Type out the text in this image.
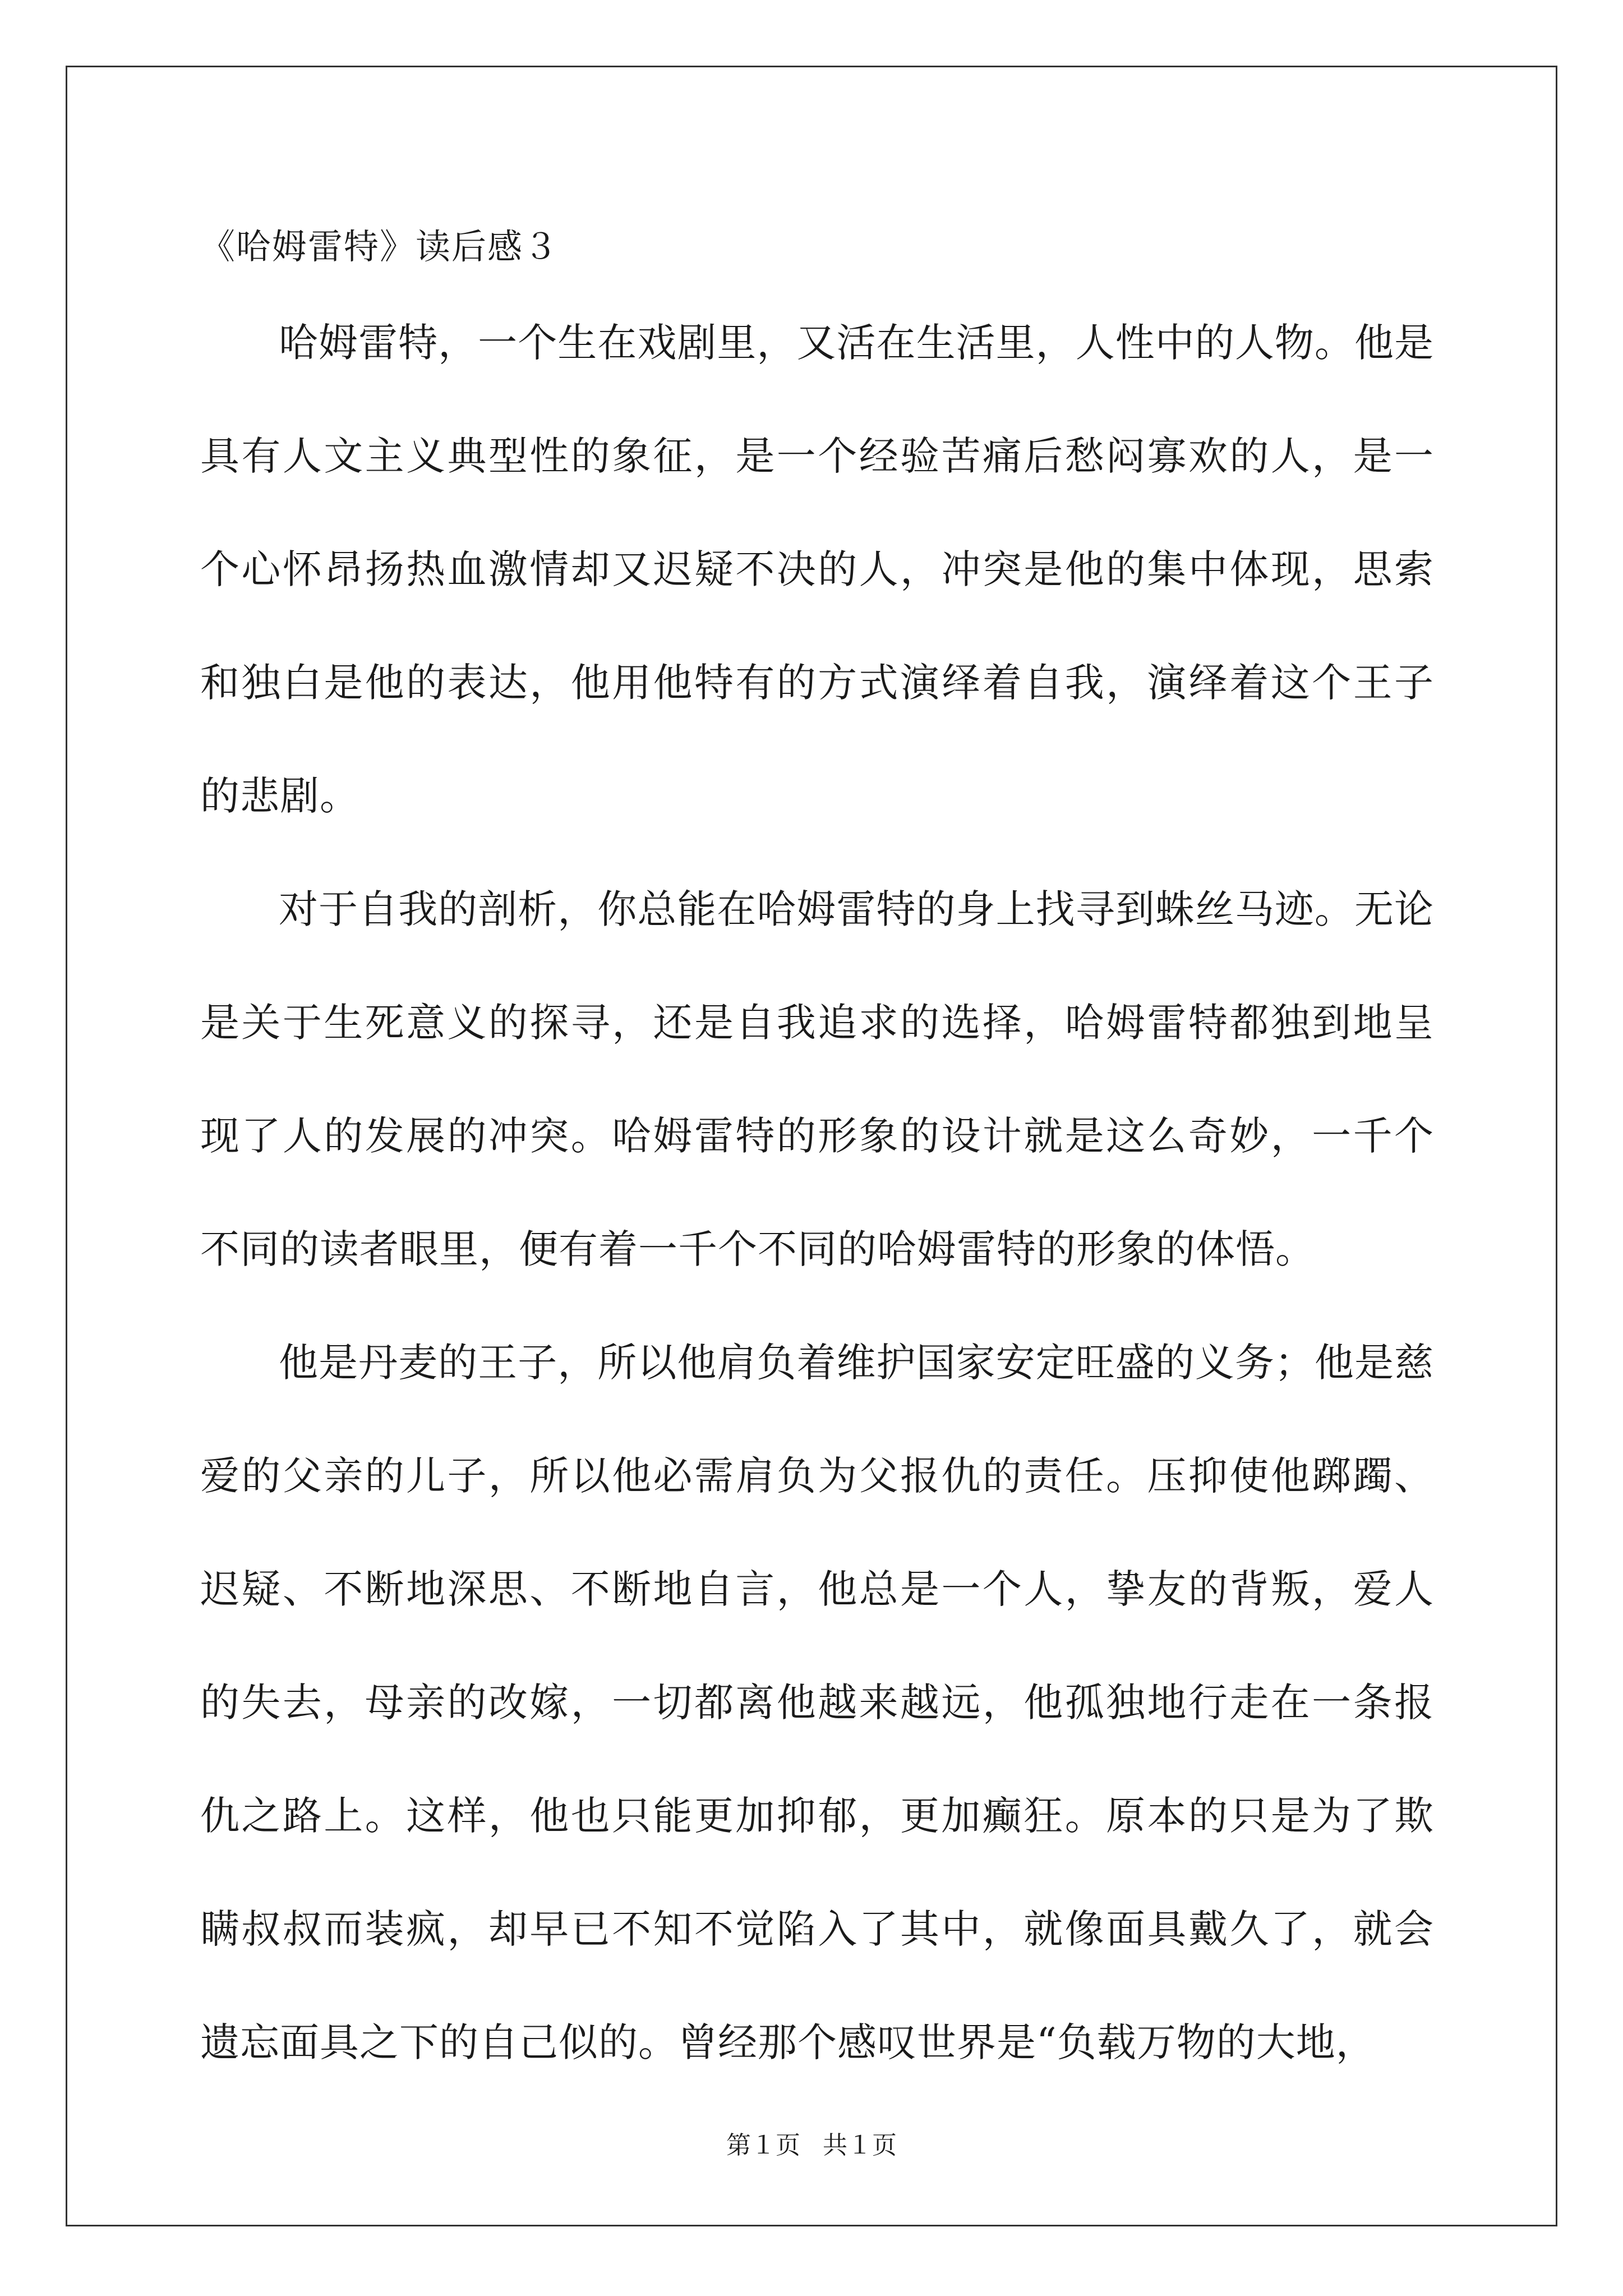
《哈姆雷特》读后感３

哈姆雷特，一个生在戏剧里，又活在生活里，人性中的人物。他是具有人文主义典型性的象征，是一个经验苦痛后愁闷寡欢的人，是一个心怀昂扬热血激情却又迟疑不决的人，冲突是他的集中体现，思索和独白是他的表达，他用他特有的方式演绎着自我，演绎着这个王子的悲剧。

对于自我的剖析，你总能在哈姆雷特的身上找寻到蛛丝马迹。无论是关于生死意义的探寻，还是自我追求的选择，哈姆雷特都独到地呈现了人的发展的冲突。哈姆雷特的形象的设计就是这么奇妙，一千个不同的读者眼里，便有着一千个不同的哈姆雷特的形象的体悟。

他是丹麦的王子，所以他肩负着维护国家安定旺盛的义务；他是慈爱的父亲的儿子，所以他必需肩负为父报仇的责任。压抑使他踯躅、迟疑、不断地深思、不断地自言，他总是一个人，挚友的背叛，爱人的失去，母亲的改嫁，一切都离他越来越远，他孤独地行走在一条报仇之路上。这样，他也只能更加抑郁，更加癫狂。原本的只是为了欺瞒叔叔而装疯，却早已不知不觉陷入了其中，就像面具戴久了，就会遗忘面具之下的自己似的。曾经那个感叹世界是“负载万物的大地，

第１页 共１页
